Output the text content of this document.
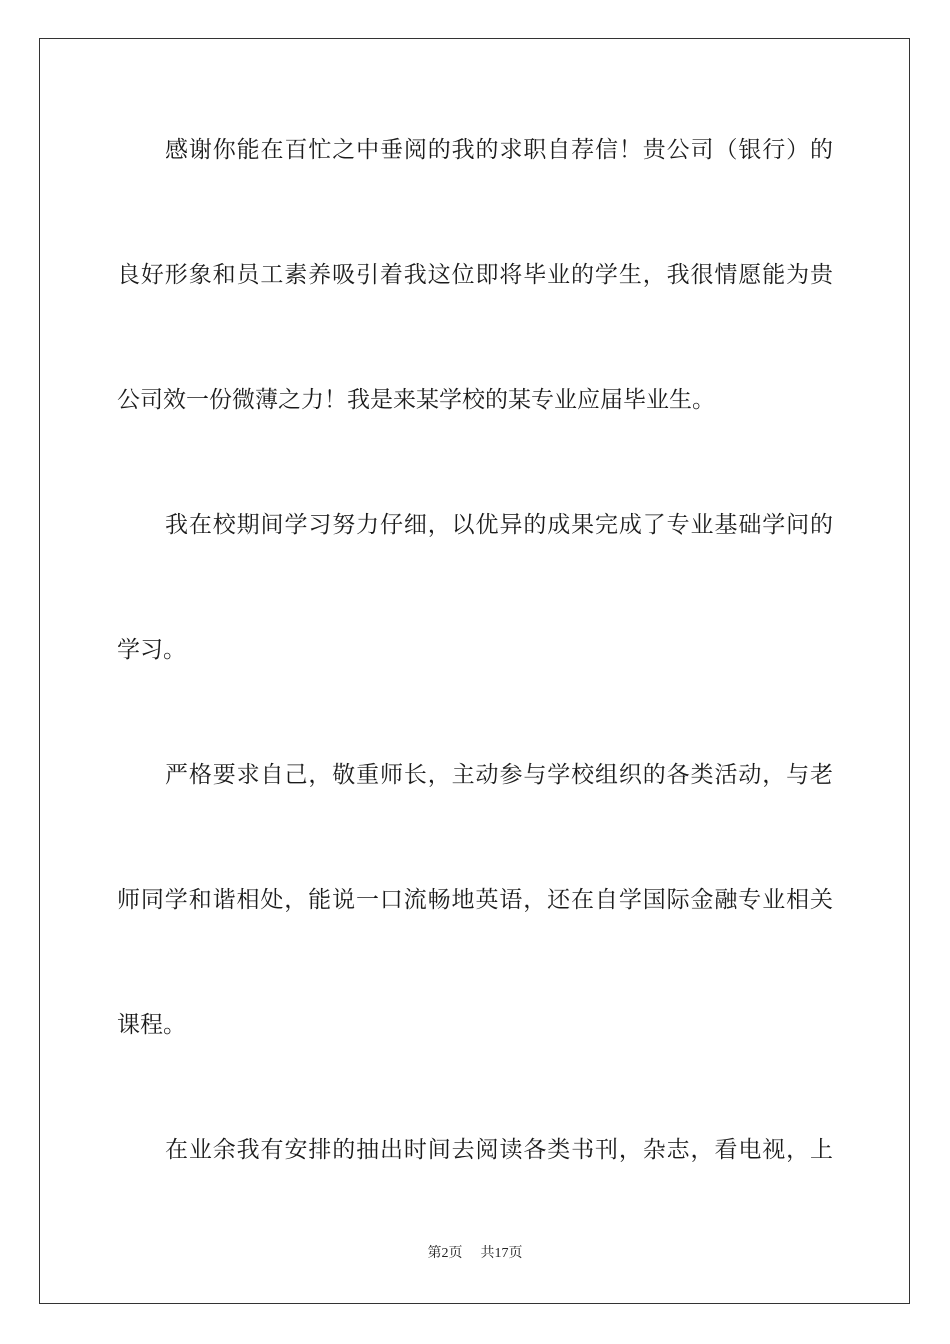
感谢你能在百忙之中垂阅的我的求职自荐信！贵公司（银行）的
良好形象和员工素养吸引着我这位即将毕业的学生，我很情愿能为贵
公司效一份微薄之力！我是来某学校的某专业应届毕业生。
我在校期间学习努力仔细，以优异的成果完成了专业基础学问的
学习。
严格要求自己，敬重师长，主动参与学校组织的各类活动，与老
师同学和谐相处，能说一口流畅地英语，还在自学国际金融专业相关
课程。
在业余我有安排的抽出时间去阅读各类书刊，杂志，看电视，上
第2页 共17页
